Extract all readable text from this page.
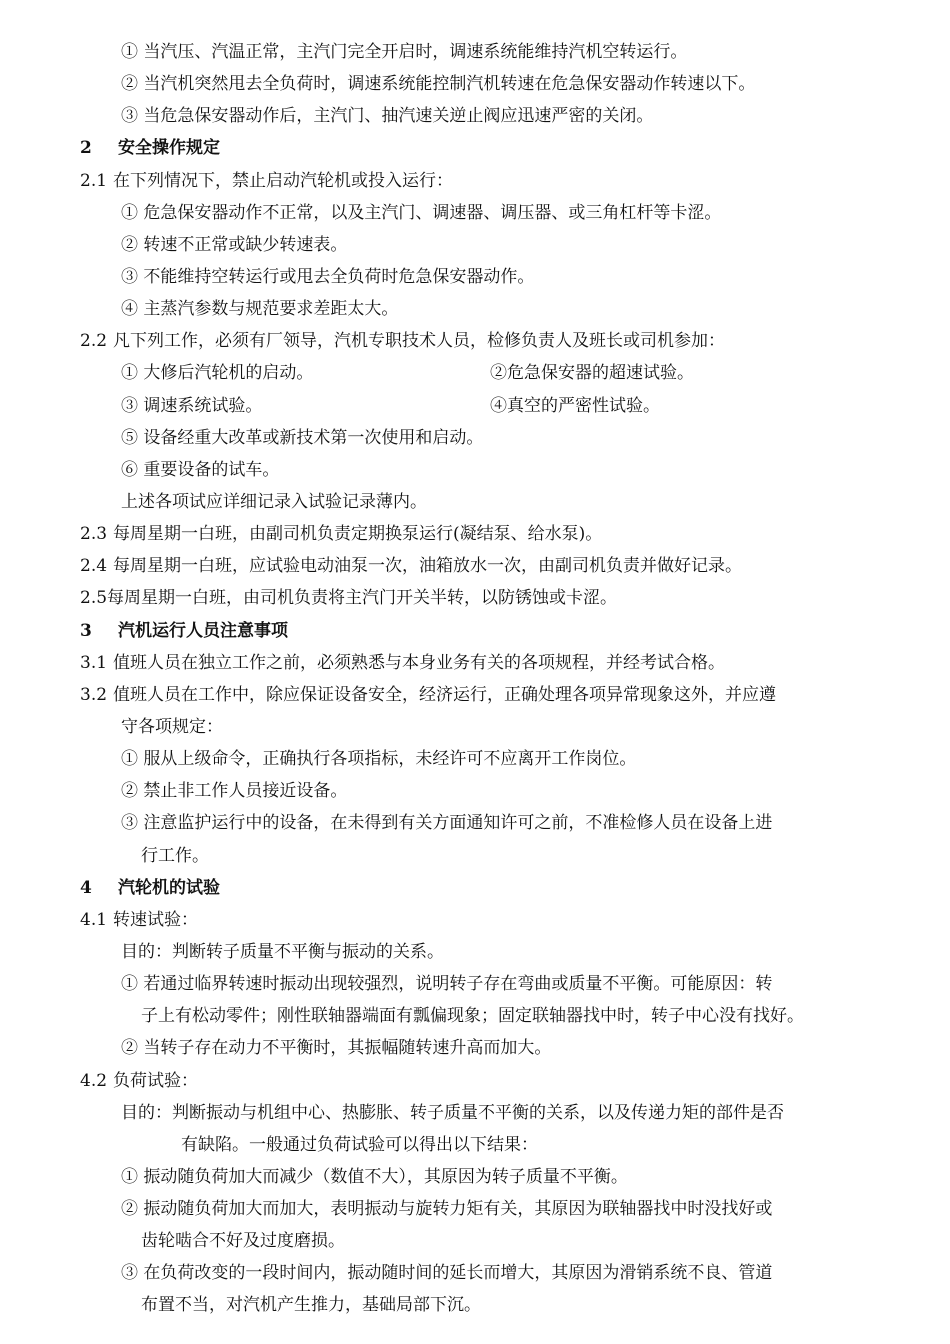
① 当汽压、汽温正常，主汽门完全开启时，调速系统能维持汽机空转运行。
② 当汽机突然甩去全负荷时，调速系统能控制汽机转速在危急保安器动作转速以下。
③ 当危急保安器动作后，主汽门、抽汽速关逆止阀应迅速严密的关闭。
2 安全操作规定
2.1 在下列情况下，禁止启动汽轮机或投入运行：
① 危急保安器动作不正常，以及主汽门、调速器、调压器、或三角杠杆等卡涩。
② 转速不正常或缺少转速表。
③ 不能维持空转运行或甩去全负荷时危急保安器动作。
④ 主蒸汽参数与规范要求差距太大。
2.2 凡下列工作，必须有厂领导，汽机专职技术人员，检修负责人及班长或司机参加：
① 大修后汽轮机的启动。	②危急保安器的超速试验。
③ 调速系统试验。	④真空的严密性试验。
⑤ 设备经重大改革或新技术第一次使用和启动。
⑥ 重要设备的试车。
上述各项试应详细记录入试验记录薄内。
2.3 每周星期一白班，由副司机负责定期换泵运行(凝结泵、给水泵)。
2.4 每周星期一白班，应试验电动油泵一次，油箱放水一次，由副司机负责并做好记录。
2.5每周星期一白班，由司机负责将主汽门开关半转，以防锈蚀或卡涩。
3 汽机运行人员注意事项
3.1 值班人员在独立工作之前，必须熟悉与本身业务有关的各项规程，并经考试合格。
3.2 值班人员在工作中，除应保证设备安全，经济运行，正确处理各项异常现象这外，并应遵
守各项规定：
① 服从上级命令，正确执行各项指标，未经许可不应离开工作岗位。
② 禁止非工作人员接近设备。
③ 注意监护运行中的设备，在未得到有关方面通知许可之前，不准检修人员在设备上进
行工作。
4 汽轮机的试验
4.1 转速试验：
目的：判断转子质量不平衡与振动的关系。
① 若通过临界转速时振动出现较强烈，说明转子存在弯曲或质量不平衡。可能原因：转
子上有松动零件；刚性联轴器端面有瓢偏现象；固定联轴器找中时，转子中心没有找好。
② 当转子存在动力不平衡时，其振幅随转速升高而加大。
4.2 负荷试验：
目的：判断振动与机组中心、热膨胀、转子质量不平衡的关系，以及传递力矩的部件是否
有缺陷。一般通过负荷试验可以得出以下结果：
① 振动随负荷加大而减少（数值不大），其原因为转子质量不平衡。
② 振动随负荷加大而加大，表明振动与旋转力矩有关，其原因为联轴器找中时没找好或
齿轮啮合不好及过度磨损。
③ 在负荷改变的一段时间内，振动随时间的延长而增大，其原因为滑销系统不良、管道
布置不当，对汽机产生推力，基础局部下沉。
